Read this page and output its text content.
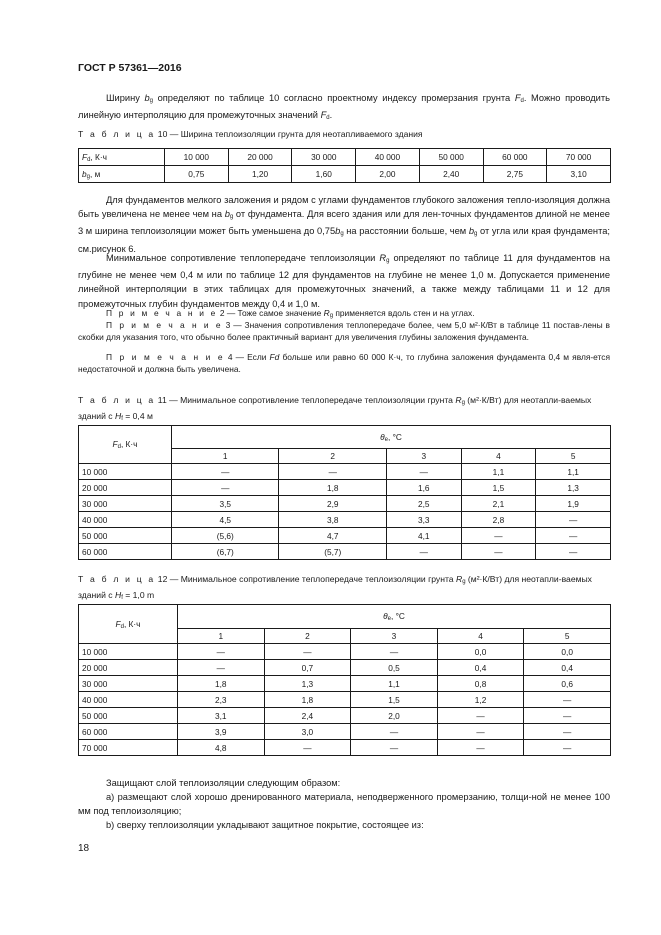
ГОСТ Р 57361—2016
Ширину $b_g$ определяют по таблице 10 согласно проектному индексу промерзания грунта $F_d$. Можно проводить линейную интерполяцию для промежуточных значений $F_d$.
Т а б л и ц а 10 — Ширина теплоизоляции грунта для неотапливаемого здания
$F_d$, К·ч	10 000	20 000	30 000	40 000	50 000	60 000	70 000
$b_g$, м	0,75	1,20	1,60	2,00	2,40	2,75	3,10
Для фундаментов мелкого заложения и рядом с углами фундаментов глубокого заложения тепло-изоляция должна быть увеличена не менее чем на $b_g$ от фундамента. Для всего здания или для лен-точных фундаментов длиной не менее 3 м ширина теплоизоляции может быть уменьшена до $0,75b_g$ на расстоянии больше, чем $b_g$ от угла или края фундамента; см.рисунок 6.
Минимальное сопротивление теплопередаче теплоизоляции $R_g$ определяют по таблице 11 для фундаментов на глубине не менее чем 0,4 м или по таблице 12 для фундаментов на глубине не менее 1,0 м. Допускается применение линейной интерполяции в этих таблицах для промежуточных значений, а также между таблицами 11 и 12 для промежуточных глубин фундаментов между 0,4 и 1,0 м.
П р и м е ч а н и е 2 — Тоже самое значение $R_g$ применяется вдоль стен и на углах.
П р и м е ч а н и е 3 — Значения сопротивления теплопередаче более, чем 5,0 м²·К/Вт в таблице 11 постав-лены в скобки для указания того, что обычно более практичный вариант для увеличения глубины заложения фундамента.
П р и м е ч а н и е 4 — Если Fd больше или равно 60 000 К·ч, то глубина заложения фундамента 0,4 м явля-ется недостаточной и должна быть увеличена.
Т а б л и ц а 11 — Минимальное сопротивление теплопередаче теплоизоляции грунта $R_g$ (м²·К/Вт) для неотапли-ваемых зданий с $H_f = 0,4$ м
$F_d$, К·ч	$\theta_e$, °С				
	1	2	3	4	5
10 000	—	—	—	1,1	1,1
20 000	—	1,8	1,6	1,5	1,3
30 000	3,5	2,9	2,5	2,1	1,9
40 000	4,5	3,8	3,3	2,8	—
50 000	(5,6)	4,7	4,1	—	—
60 000	(6,7)	(5,7)	—	—	—
Т а б л и ц а 12 — Минимальное сопротивление теплопередаче теплоизоляции грунта $R_g$ (м²·К/Вт) для неотапли-ваемых зданий с $H_f = 1,0$ m
$F_d$, К·ч	$\theta_e$, °С				
	1	2	3	4	5
10 000	—	—	—	0,0	0,0
20 000	—	0,7	0,5	0,4	0,4
30 000	1,8	1,3	1,1	0,8	0,6
40 000	2,3	1,8	1,5	1,2	—
50 000	3,1	2,4	2,0	—	—
60 000	3,9	3,0	—	—	—
70 000	4,8	—	—	—	—
Защищают слой теплоизоляции следующим образом:
а) размещают слой хорошо дренированного материала, неподверженного промерзанию, толщи-ной не менее 100 мм под теплоизоляцию;
b) сверху теплоизоляции укладывают защитное покрытие, состоящее из:
18
